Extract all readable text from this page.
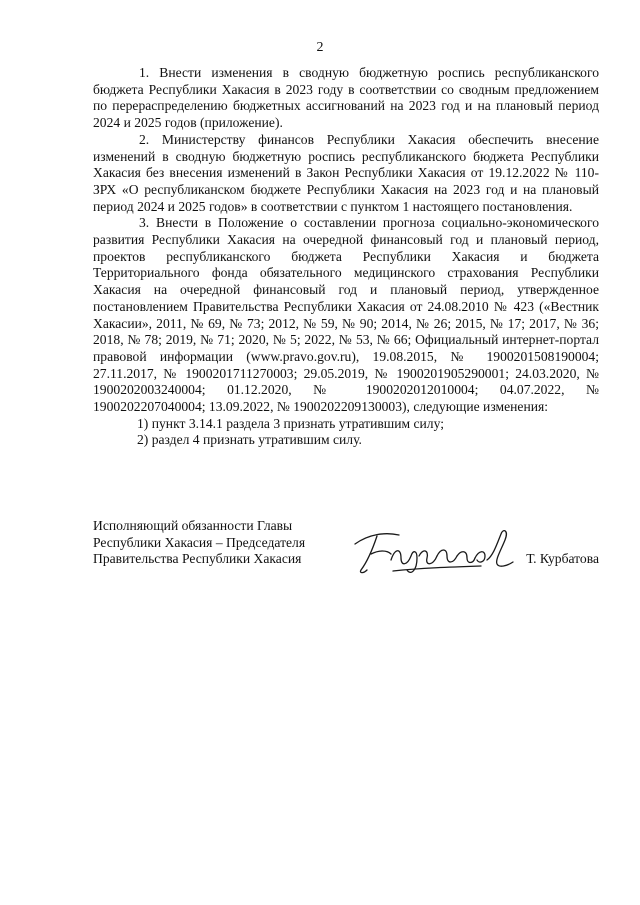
2

1. Внести изменения в сводную бюджетную роспись республиканского бюджета Республики Хакасия в 2023 году в соответствии со сводным предложением по перераспределению бюджетных ассигнований на 2023 год и на плановый период 2024 и 2025 годов (приложение).

2. Министерству финансов Республики Хакасия обеспечить внесение изменений в сводную бюджетную роспись республиканского бюджета Республики Хакасия без внесения изменений в Закон Республики Хакасия от 19.12.2022 № 110-ЗРХ «О республиканском бюджете Республики Хакасия на 2023 год и на плановый период 2024 и 2025 годов» в соответствии с пунктом 1 настоящего постановления.

3. Внести в Положение о составлении прогноза социально-экономического развития Республики Хакасия на очередной финансовый год и плановый период, проектов республиканского бюджета Республики Хакасия и бюджета Территориального фонда обязательного медицинского страхования Республики Хакасия на очередной финансовый год и плановый период, утвержденное постановлением Правительства Республики Хакасия от 24.08.2010 № 423 («Вестник Хакасии», 2011, № 69, № 73; 2012, № 59, № 90; 2014, № 26; 2015, № 17; 2017, № 36; 2018, № 78; 2019, № 71; 2020, № 5; 2022, № 53, № 66; Официальный интернет-портал правовой информации (www.pravo.gov.ru), 19.08.2015, № 1900201508190004; 27.11.2017, № 1900201711270003; 29.05.2019, № 1900201905290001; 24.03.2020, № 1900202003240004; 01.12.2020, № 1900202012010004; 04.07.2022, № 1900202207040004; 13.09.2022, № 1900202209130003), следующие изменения:

1) пункт 3.14.1 раздела 3 признать утратившим силу;

2) раздел 4 признать утратившим силу.

Исполняющий обязанности Главы
Республики Хакасия – Председателя
Правительства Республики Хакасия	Т. Курбатова
